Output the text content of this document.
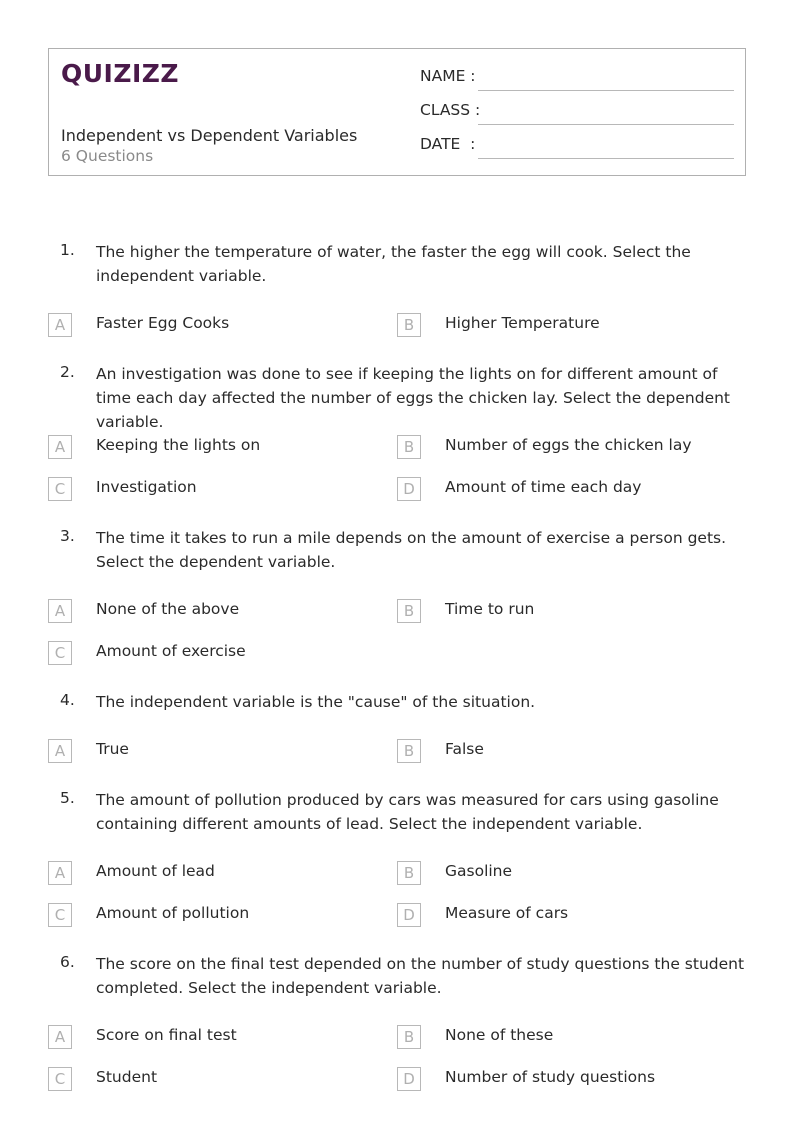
QUIZIZZ
Independent vs Dependent Variables
6 Questions
NAME :
CLASS :
DATE  :
1. The higher the temperature of water, the faster the egg will cook. Select the independent variable.
A	Faster Egg Cooks	B	Higher Temperature
2. An investigation was done to see if keeping the lights on for different amount of time each day affected the number of eggs the chicken lay. Select the dependent variable.
A	Keeping the lights on	B	Number of eggs the chicken lay
C	Investigation	D	Amount of time each day
3. The time it takes to run a mile depends on the amount of exercise a person gets. Select the dependent variable.
A	None of the above	B	Time to run
C	Amount of exercise
4. The independent variable is the "cause" of the situation.
A	True	B	False
5. The amount of pollution produced by cars was measured for cars using gasoline containing different amounts of lead. Select the independent variable.
A	Amount of lead	B	Gasoline
C	Amount of pollution	D	Measure of cars
6. The score on the final test depended on the number of study questions the student completed. Select the independent variable.
A	Score on final test	B	None of these
C	Student	D	Number of study questions
